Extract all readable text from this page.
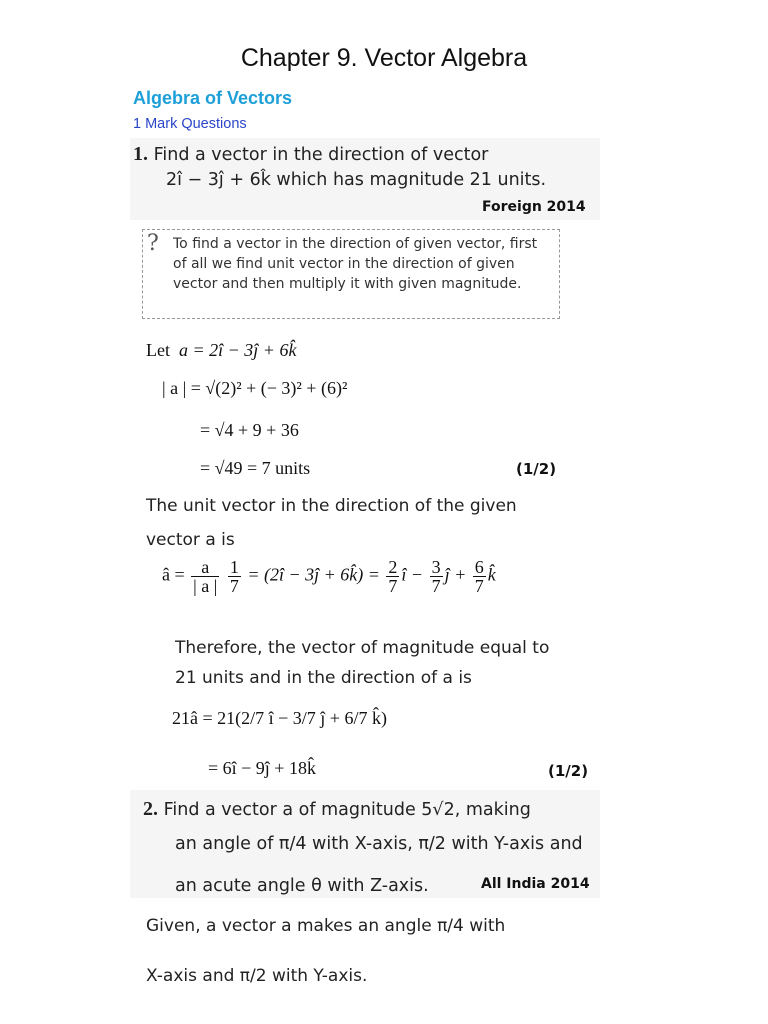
Chapter 9. Vector Algebra
Algebra of Vectors
1 Mark Questions
1. Find a vector in the direction of vector
2î − 3ĵ + 6k̂ which has magnitude 21 units.
Foreign 2014
? To find a vector in the direction of given vector, first of all we find unit vector in the direction of given vector and then multiply it with given magnitude.
Let a = 2î − 3ĵ + 6k̂
| a | = √(2)² + (− 3)² + (6)²
= √4 + 9 + 36
= √49 = 7 units	(1/2)
The unit vector in the direction of the given
vector a is
â = $\frac{a}{| a |}$
$\frac{1}{7}$ = (2î − 3ĵ + 6k̂) = $\frac{2}{7}$ î − $\frac{3}{7}$ ĵ + $\frac{6}{7}$ k̂
Therefore, the vector of magnitude equal to
21 units and in the direction of a is
21â = 21(2/7 î − 3/7 ĵ + 6/7 k̂)
= 6î − 9ĵ + 18k̂	(1/2)
2. Find a vector a of magnitude 5√2, making
an angle of π/4 with X-axis, π/2 with Y-axis and
an acute angle θ with Z-axis.	All India 2014
Given, a vector a makes an angle π/4 with
X-axis and π/2 with Y-axis.
